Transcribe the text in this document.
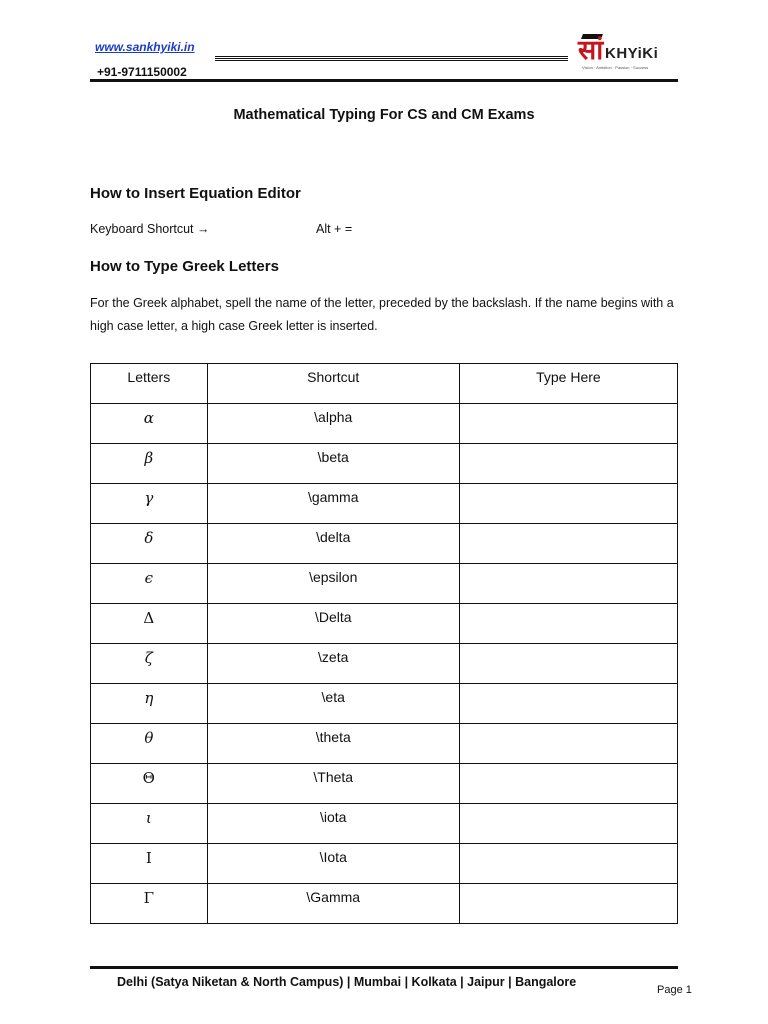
www.sankhyiki.in
+91-9711150002
सां KHYiKi
Vision · Ambition · Passion · Success
Mathematical Typing For CS and CM Exams
How to Insert Equation Editor
Keyboard Shortcut →	Alt + =
How to Type Greek Letters
For the Greek alphabet, spell the name of the letter, preceded by the backslash. If the name begins with a high case letter, a high case Greek letter is inserted.
Letters	Shortcut	Type Here
α	\alpha	
β	\beta	
γ	\gamma	
δ	\delta	
ϵ	\epsilon	
Δ	\Delta	
ζ	\zeta	
η	\eta	
θ	\theta	
Θ	\Theta	
ι	\iota	
Ι	\Iota	
Γ	\Gamma	
Delhi (Satya Niketan & North Campus) | Mumbai | Kolkata | Jaipur | Bangalore
Page 1
